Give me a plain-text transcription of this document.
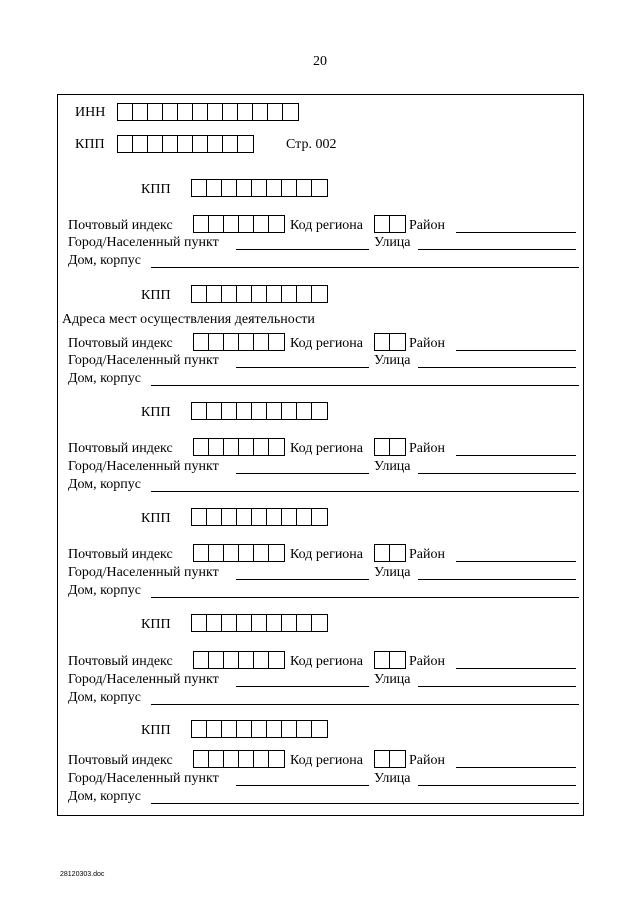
20
ИНН
КПП	Стр. 002
КПП
Почтовый индекс	Код региона	Район
Город/Населенный пункт	Улица
Дом, корпус
КПП
Адреса мест осуществления деятельности
Почтовый индекс	Код региона	Район
Город/Населенный пункт	Улица
Дом, корпус
КПП
Почтовый индекс	Код региона	Район
Город/Населенный пункт	Улица
Дом, корпус
КПП
Почтовый индекс	Код региона	Район
Город/Населенный пункт	Улица
Дом, корпус
КПП
Почтовый индекс	Код региона	Район
Город/Населенный пункт	Улица
Дом, корпус
КПП
Почтовый индекс	Код региона	Район
Город/Населенный пункт	Улица
Дом, корпус
28120303.doc
